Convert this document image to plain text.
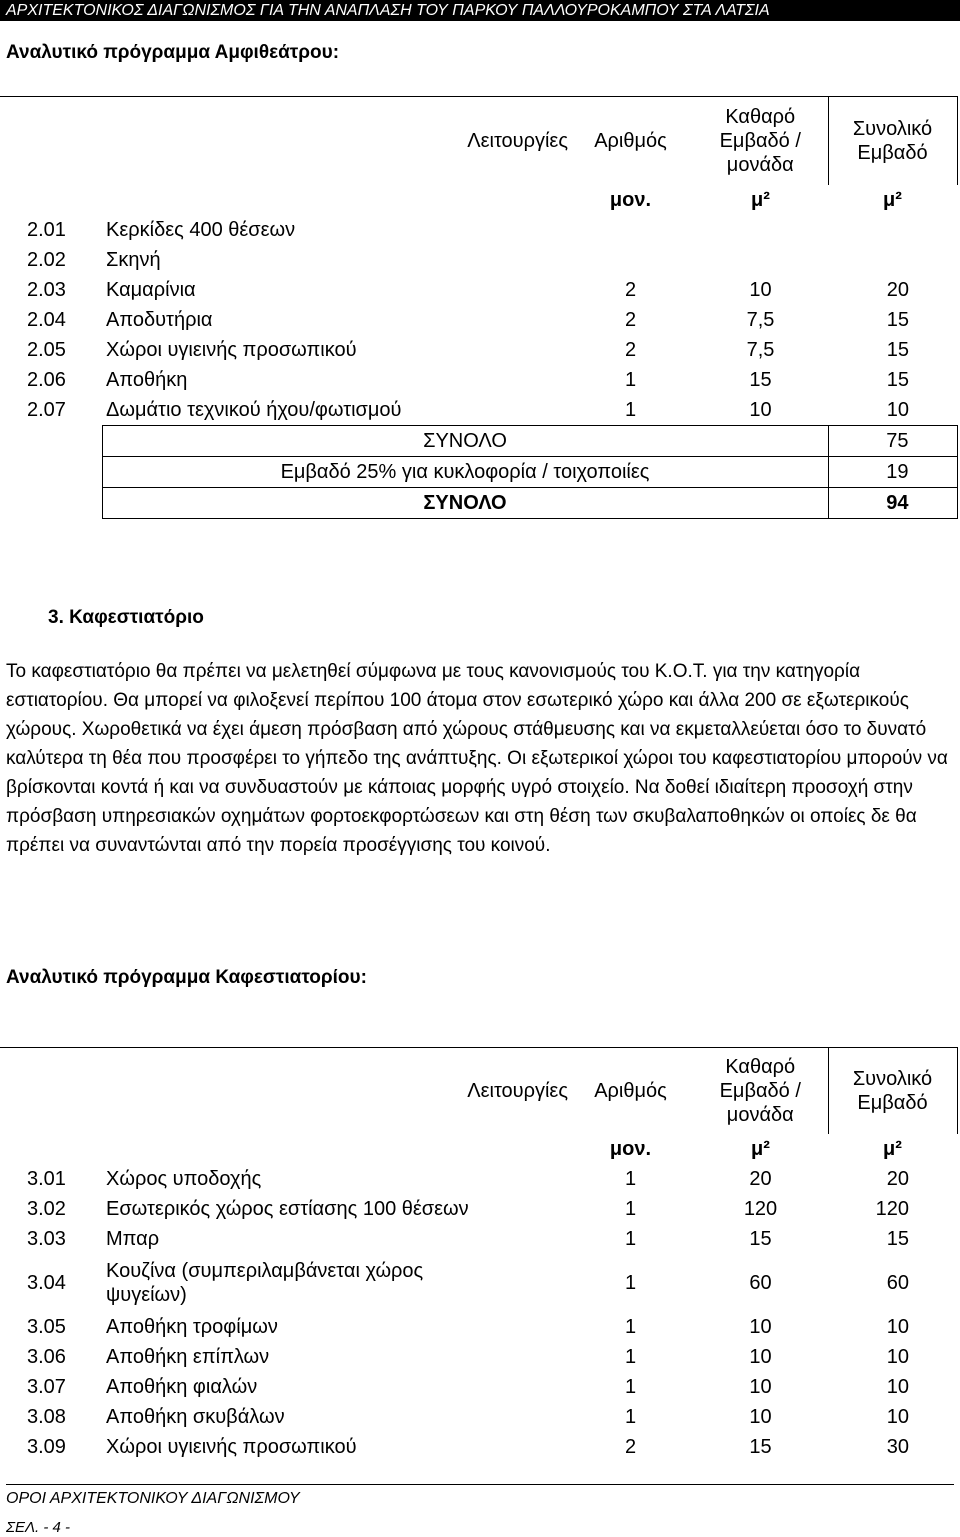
ΑΡΧΙΤΕΚΤΟΝΙΚΟΣ ΔΙΑΓΩΝΙΣΜΟΣ ΓΙΑ ΤΗΝ ΑΝΑΠΛΑΣΗ ΤΟΥ ΠΑΡΚΟΥ ΠΑΛΛΟΥΡΟΚΑΜΠΟΥ ΣΤΑ ΛΑΤΣΙΑ
Αναλυτικό πρόγραμμα Αμφιθεάτρου:
	Λειτουργίες	Αριθμός	Καθαρό Εμβαδό / μονάδα	Συνολικό Εμβαδό
		μον.	μ²	μ²
2.01	Κερκίδες 400 θέσεων			
2.02	Σκηνή			
2.03	Καμαρίνια	2	10	20
2.04	Αποδυτήρια	2	7,5	15
2.05	Χώροι υγιεινής προσωπικού	2	7,5	15
2.06	Αποθήκη	1	15	15
2.07	Δωμάτιο τεχνικού ήχου/φωτισμού	1	10	10
	ΣΥΝΟΛΟ			75
	Εμβαδό 25% για κυκλοφορία / τοιχοποιίες			19
	ΣΥΝΟΛΟ			94
3. Καφεστιατόριο
Το καφεστιατόριο θα πρέπει να μελετηθεί σύμφωνα με τους κανονισμούς του Κ.Ο.Τ. για την κατηγορία εστιατορίου. Θα μπορεί να φιλοξενεί περίπου 100 άτομα στον εσωτερικό χώρο και άλλα 200 σε εξωτερικούς χώρους. Χωροθετικά να έχει άμεση πρόσβαση από χώρους στάθμευσης και να εκμεταλλεύεται όσο το δυνατό καλύτερα τη θέα που προσφέρει το γήπεδο της ανάπτυξης. Οι εξωτερικοί χώροι του καφεστιατορίου μπορούν να βρίσκονται κοντά ή και να συνδυαστούν με κάποιας μορφής υγρό στοιχείο. Να δοθεί ιδιαίτερη προσοχή στην πρόσβαση υπηρεσιακών οχημάτων φορτοεκφορτώσεων και στη θέση των σκυβαλαποθηκών οι οποίες δε θα πρέπει να συναντώνται από την πορεία προσέγγισης του κοινού.
Αναλυτικό πρόγραμμα Καφεστιατορίου:
	Λειτουργίες	Αριθμός	Καθαρό Εμβαδό / μονάδα	Συνολικό Εμβαδό
		μον.	μ²	μ²
3.01	Χώρος υποδοχής	1	20	20
3.02	Εσωτερικός χώρος εστίασης 100 θέσεων	1	120	120
3.03	Μπαρ	1	15	15
3.04	Κουζίνα (συμπεριλαμβάνεται χώρος ψυγείων)	1	60	60
3.05	Αποθήκη τροφίμων	1	10	10
3.06	Αποθήκη επίπλων	1	10	10
3.07	Αποθήκη φιαλών	1	10	10
3.08	Αποθήκη σκυβάλων	1	10	10
3.09	Χώροι υγιεινής προσωπικού	2	15	30
ΟΡΟΙ ΑΡΧΙΤΕΚΤΟΝΙΚΟΥ ΔΙΑΓΩΝΙΣΜΟΥ
ΣΕΛ. - 4 -
